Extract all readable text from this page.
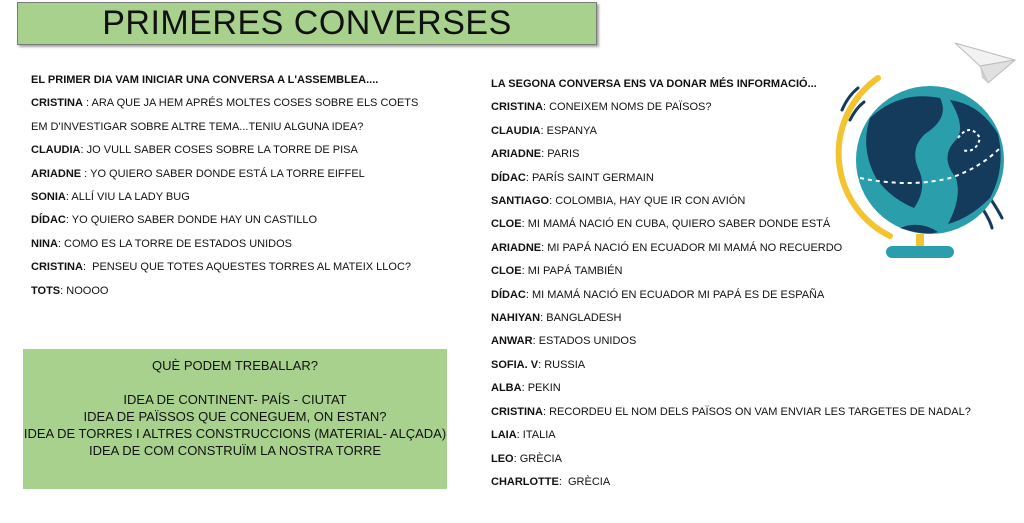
PRIMERES CONVERSES
EL PRIMER DIA VAM INICIAR UNA CONVERSA A L'ASSEMBLEA....
CRISTINA : ARA QUE JA HEM APRÉS MOLTES COSES SOBRE ELS COETS
EM D'INVESTIGAR SOBRE ALTRE TEMA...TENIU ALGUNA IDEA?
CLAUDIA: JO VULL SABER COSES SOBRE LA TORRE DE PISA
ARIADNE : YO QUIERO SABER DONDE ESTÁ LA TORRE EIFFEL
SONIA: ALLÍ VIU LA LADY BUG
DÍDAC: YO QUIERO SABER DONDE HAY UN CASTILLO
NINA: COMO ES LA TORRE DE ESTADOS UNIDOS
CRISTINA:  PENSEU QUE TOTES AQUESTES TORRES AL MATEIX LLOC?
TOTS: NOOOO
QUÈ PODEM TREBALLAR?
IDEA DE CONTINENT- PAÍS - CIUTAT
IDEA DE PAÏSSOS QUE CONEGUEM, ON ESTAN?
IDEA DE TORRES I ALTRES CONSTRUCCIONS (MATERIAL- ALÇADA)
IDEA DE COM CONSTRUÏM LA NOSTRA TORRE
LA SEGONA CONVERSA ENS VA DONAR MÉS INFORMACIÓ...
CRISTINA: CONEIXEM NOMS DE PAÏSOS?
CLAUDIA: ESPANYA
ARIADNE: PARIS
DÍDAC: PARÍS SAINT GERMAIN
SANTIAGO: COLOMBIA, HAY QUE IR CON AVIÓN
CLOE: MI MAMÁ NACIÓ EN CUBA, QUIERO SABER DONDE ESTÁ
ARIADNE: MI PAPÁ NACIÓ EN ECUADOR MI MAMÁ NO RECUERDO
CLOE: MI PAPÁ TAMBIÉN
DÍDAC: MI MAMÁ NACIÓ EN ECUADOR MI PAPÁ ES DE ESPAÑA
NAHIYAN: BANGLADESH
ANWAR: ESTADOS UNIDOS
SOFIA. V: RUSSIA
ALBA: PEKIN
CRISTINA: RECORDEU EL NOM DELS PAÏSOS ON VAM ENVIAR LES TARGETES DE NADAL?
LAIA: ITALIA
LEO: GRÈCIA
CHARLOTTE:  GRÈCIA
